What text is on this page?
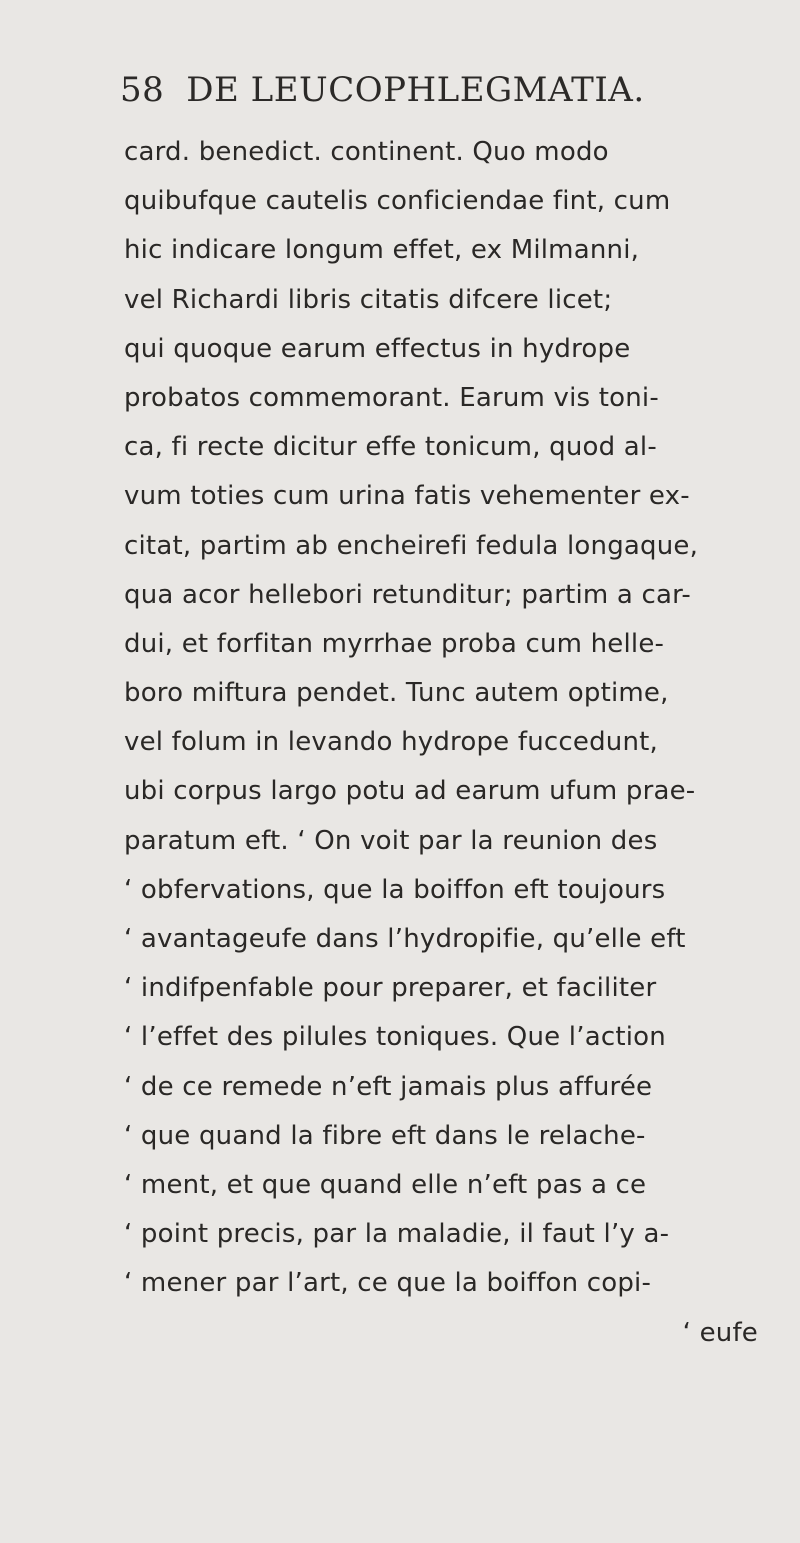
58 DE LEUCOPHLEGMATIA.
card. benedict. continent. Quo modo
quibufque cautelis conficiendae fint, cum
hic indicare longum effet, ex Milmanni,
vel Richardi libris citatis difcere licet;
qui quoque earum effectus in hydrope
probatos commemorant. Earum vis toni-
ca, fi recte dicitur effe tonicum, quod al-
vum toties cum urina fatis vehementer ex-
citat, partim ab encheirefi fedula longaque,
qua acor hellebori retunditur; partim a car-
dui, et forfitan myrrhae proba cum helle-
boro miftura pendet. Tunc autem optime,
vel folum in levando hydrope fuccedunt,
ubi corpus largo potu ad earum ufum prae-
paratum eft. ‘ On voit par la reunion des
‘ obfervations, que la boiffon eft toujours
‘ avantageufe dans l’hydropifie, qu’elle eft
‘ indifpenfable pour preparer, et faciliter
‘ l’effet des pilules toniques. Que l’action
‘ de ce remede n’eft jamais plus affurée
‘ que quand la fibre eft dans le relache-
‘ ment, et que quand elle n’eft pas a ce
‘ point precis, par la maladie, il faut l’y a-
‘ mener par l’art, ce que la boiffon copi-
‘ eufe
